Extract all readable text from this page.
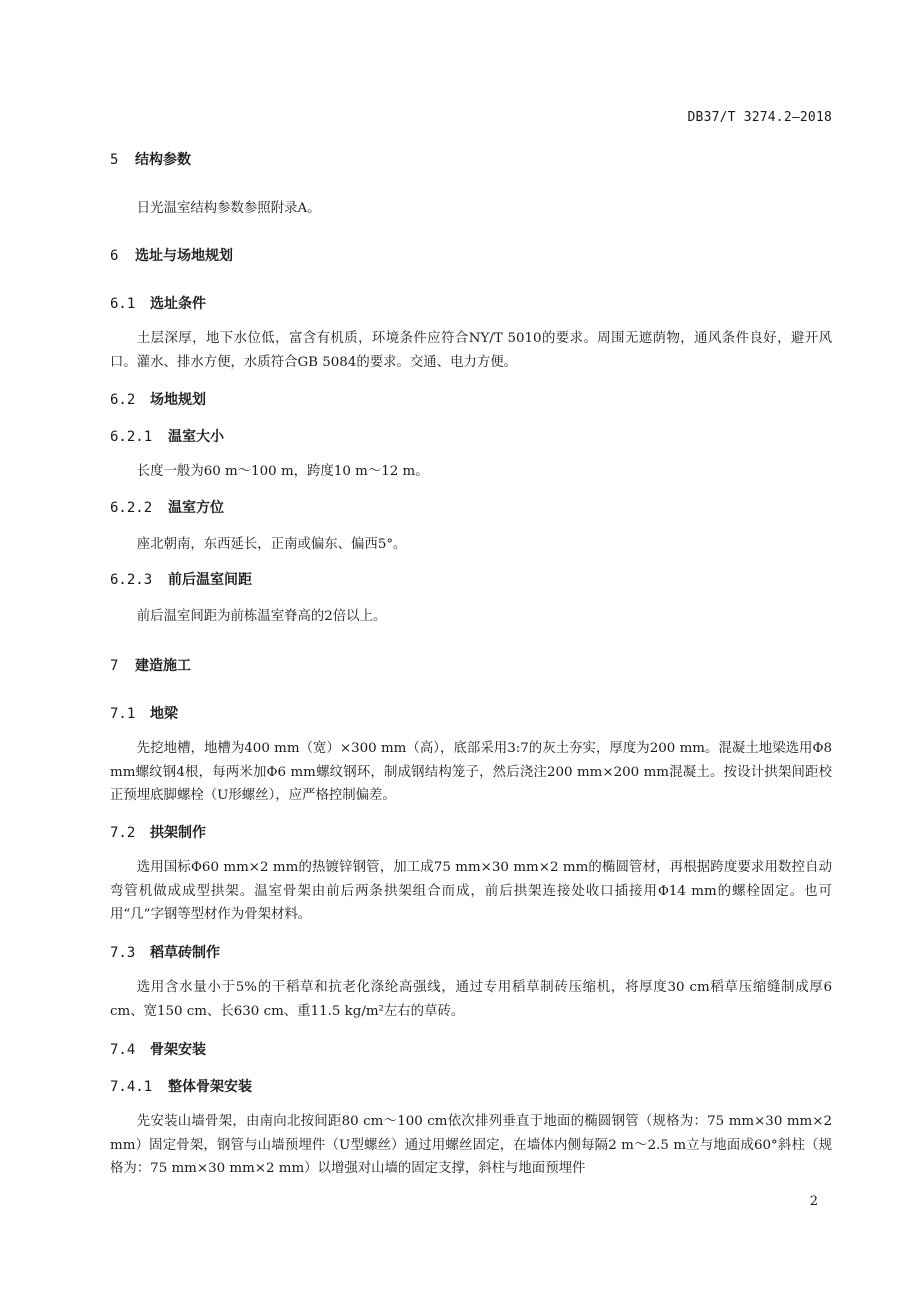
DB37/T 3274.2—2018
5 结构参数

日光温室结构参数参照附录A。

6 选址与场地规划
6.1 选址条件

土层深厚，地下水位低，富含有机质，环境条件应符合NY/T 5010的要求。周围无遮荫物，通风条件良好，避开风口。灌水、排水方便，水质符合GB 5084的要求。交通、电力方便。

6.2 场地规划
6.2.1 温室大小

长度一般为60 m～100 m，跨度10 m～12 m。

6.2.2 温室方位

座北朝南，东西延长，正南或偏东、偏西5°。

6.2.3 前后温室间距

前后温室间距为前栋温室脊高的2倍以上。

7 建造施工
7.1 地梁

先挖地槽，地槽为400 mm（宽）×300 mm（高），底部采用3:7的灰土夯实，厚度为200 mm。混凝土地梁选用Φ8 mm螺纹钢4根，每两米加Φ6 mm螺纹钢环，制成钢结构笼子，然后浇注200 mm×200 mm混凝土。按设计拱架间距校正预埋底脚螺栓（U形螺丝），应严格控制偏差。

7.2 拱架制作

选用国标Φ60 mm×2 mm的热镀锌钢管，加工成75 mm×30 mm×2 mm的椭圆管材，再根据跨度要求用数控自动弯管机做成成型拱架。温室骨架由前后两条拱架组合而成，前后拱架连接处收口插接用Φ14 mm的螺栓固定。也可用“几”字钢等型材作为骨架材料。

7.3 稻草砖制作

选用含水量小于5%的干稻草和抗老化涤纶高强线，通过专用稻草制砖压缩机，将厚度30 cm稻草压缩缝制成厚6 cm、宽150 cm、长630 cm、重11.5 kg/m²左右的草砖。

7.4 骨架安装
7.4.1 整体骨架安装

先安装山墙骨架，由南向北按间距80 cm～100 cm依次排列垂直于地面的椭圆钢管（规格为：75 mm×30 mm×2 mm）固定骨架，钢管与山墙预埋件（U型螺丝）通过用螺丝固定，在墙体内侧每隔2 m～2.5 m立与地面成60°斜柱（规格为：75 mm×30 mm×2 mm）以增强对山墙的固定支撑，斜柱与地面预埋件

2
